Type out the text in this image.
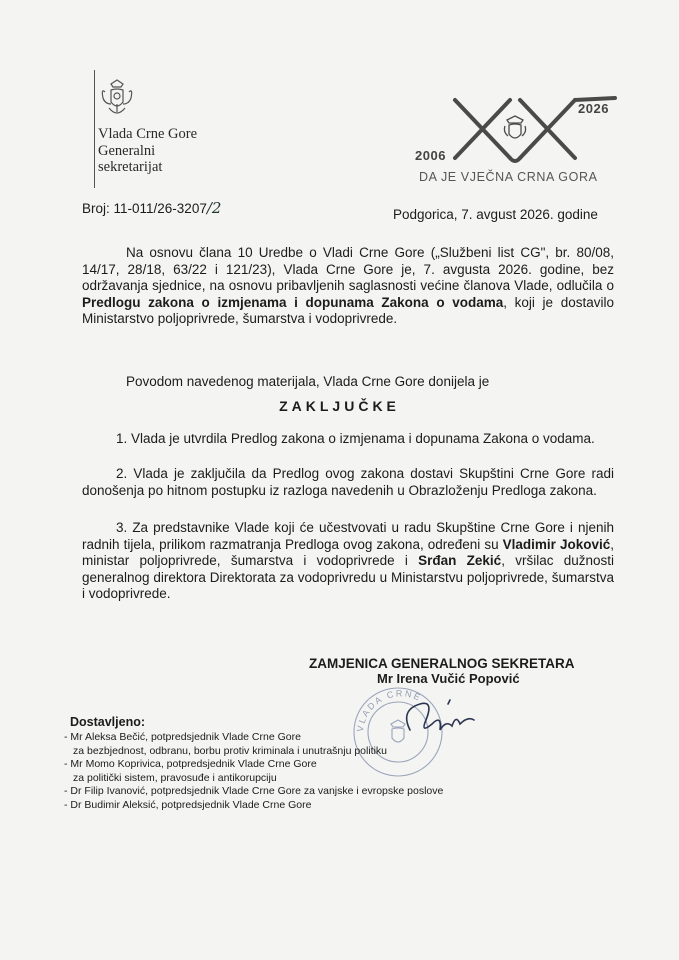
Vlada Crne Gore
Generalni
sekretarijat
2006
2026
DA JE VJEČNA CRNA GORA
Broj: 11-011/26-3207/2	Podgorica, 7. avgust 2026. godine
Na osnovu člana 10 Uredbe o Vladi Crne Gore („Službeni list CG", br. 80/08, 14/17, 28/18, 63/22 i 121/23), Vlada Crne Gore je, 7. avgusta 2026. godine, bez održavanja sjednice, na osnovu pribavljenih saglasnosti većine članova Vlade, odlučila o Predlogu zakona o izmjenama i dopunama Zakona o vodama, koji je dostavilo Ministarstvo poljoprivrede, šumarstva i vodoprivrede.
Povodom navedenog materijala, Vlada Crne Gore donijela je
ZAKLJUČKE
1. Vlada je utvrdila Predlog zakona o izmjenama i dopunama Zakona o vodama.
2. Vlada je zaključila da Predlog ovog zakona dostavi Skupštini Crne Gore radi donošenja po hitnom postupku iz razloga navedenih u Obrazloženju Predloga zakona.
3. Za predstavnike Vlade koji će učestvovati u radu Skupštine Crne Gore i njenih radnih tijela, prilikom razmatranja Predloga ovog zakona, određeni su Vladimir Joković, ministar poljoprivrede, šumarstva i vodoprivrede i Srđan Zekić, vršilac dužnosti generalnog direktora Direktorata za vodoprivredu u Ministarstvu poljoprivrede, šumarstva i vodoprivrede.
VLADA CRNE
ZAMJENICA GENERALNOG SEKRETARA
Mr Irena Vučić Popović
Dostavljeno:
- Mr Aleksa Bečić, potpredsjednik Vlade Crne Gore
za bezbjednost, odbranu, borbu protiv kriminala i unutrašnju politiku
- Mr Momo Koprivica, potpredsjednik Vlade Crne Gore
za politički sistem, pravosuđe i antikorupciju
- Dr Filip Ivanović, potpredsjednik Vlade Crne Gore za vanjske i evropske poslove
- Dr Budimir Aleksić, potpredsjednik Vlade Crne Gore
